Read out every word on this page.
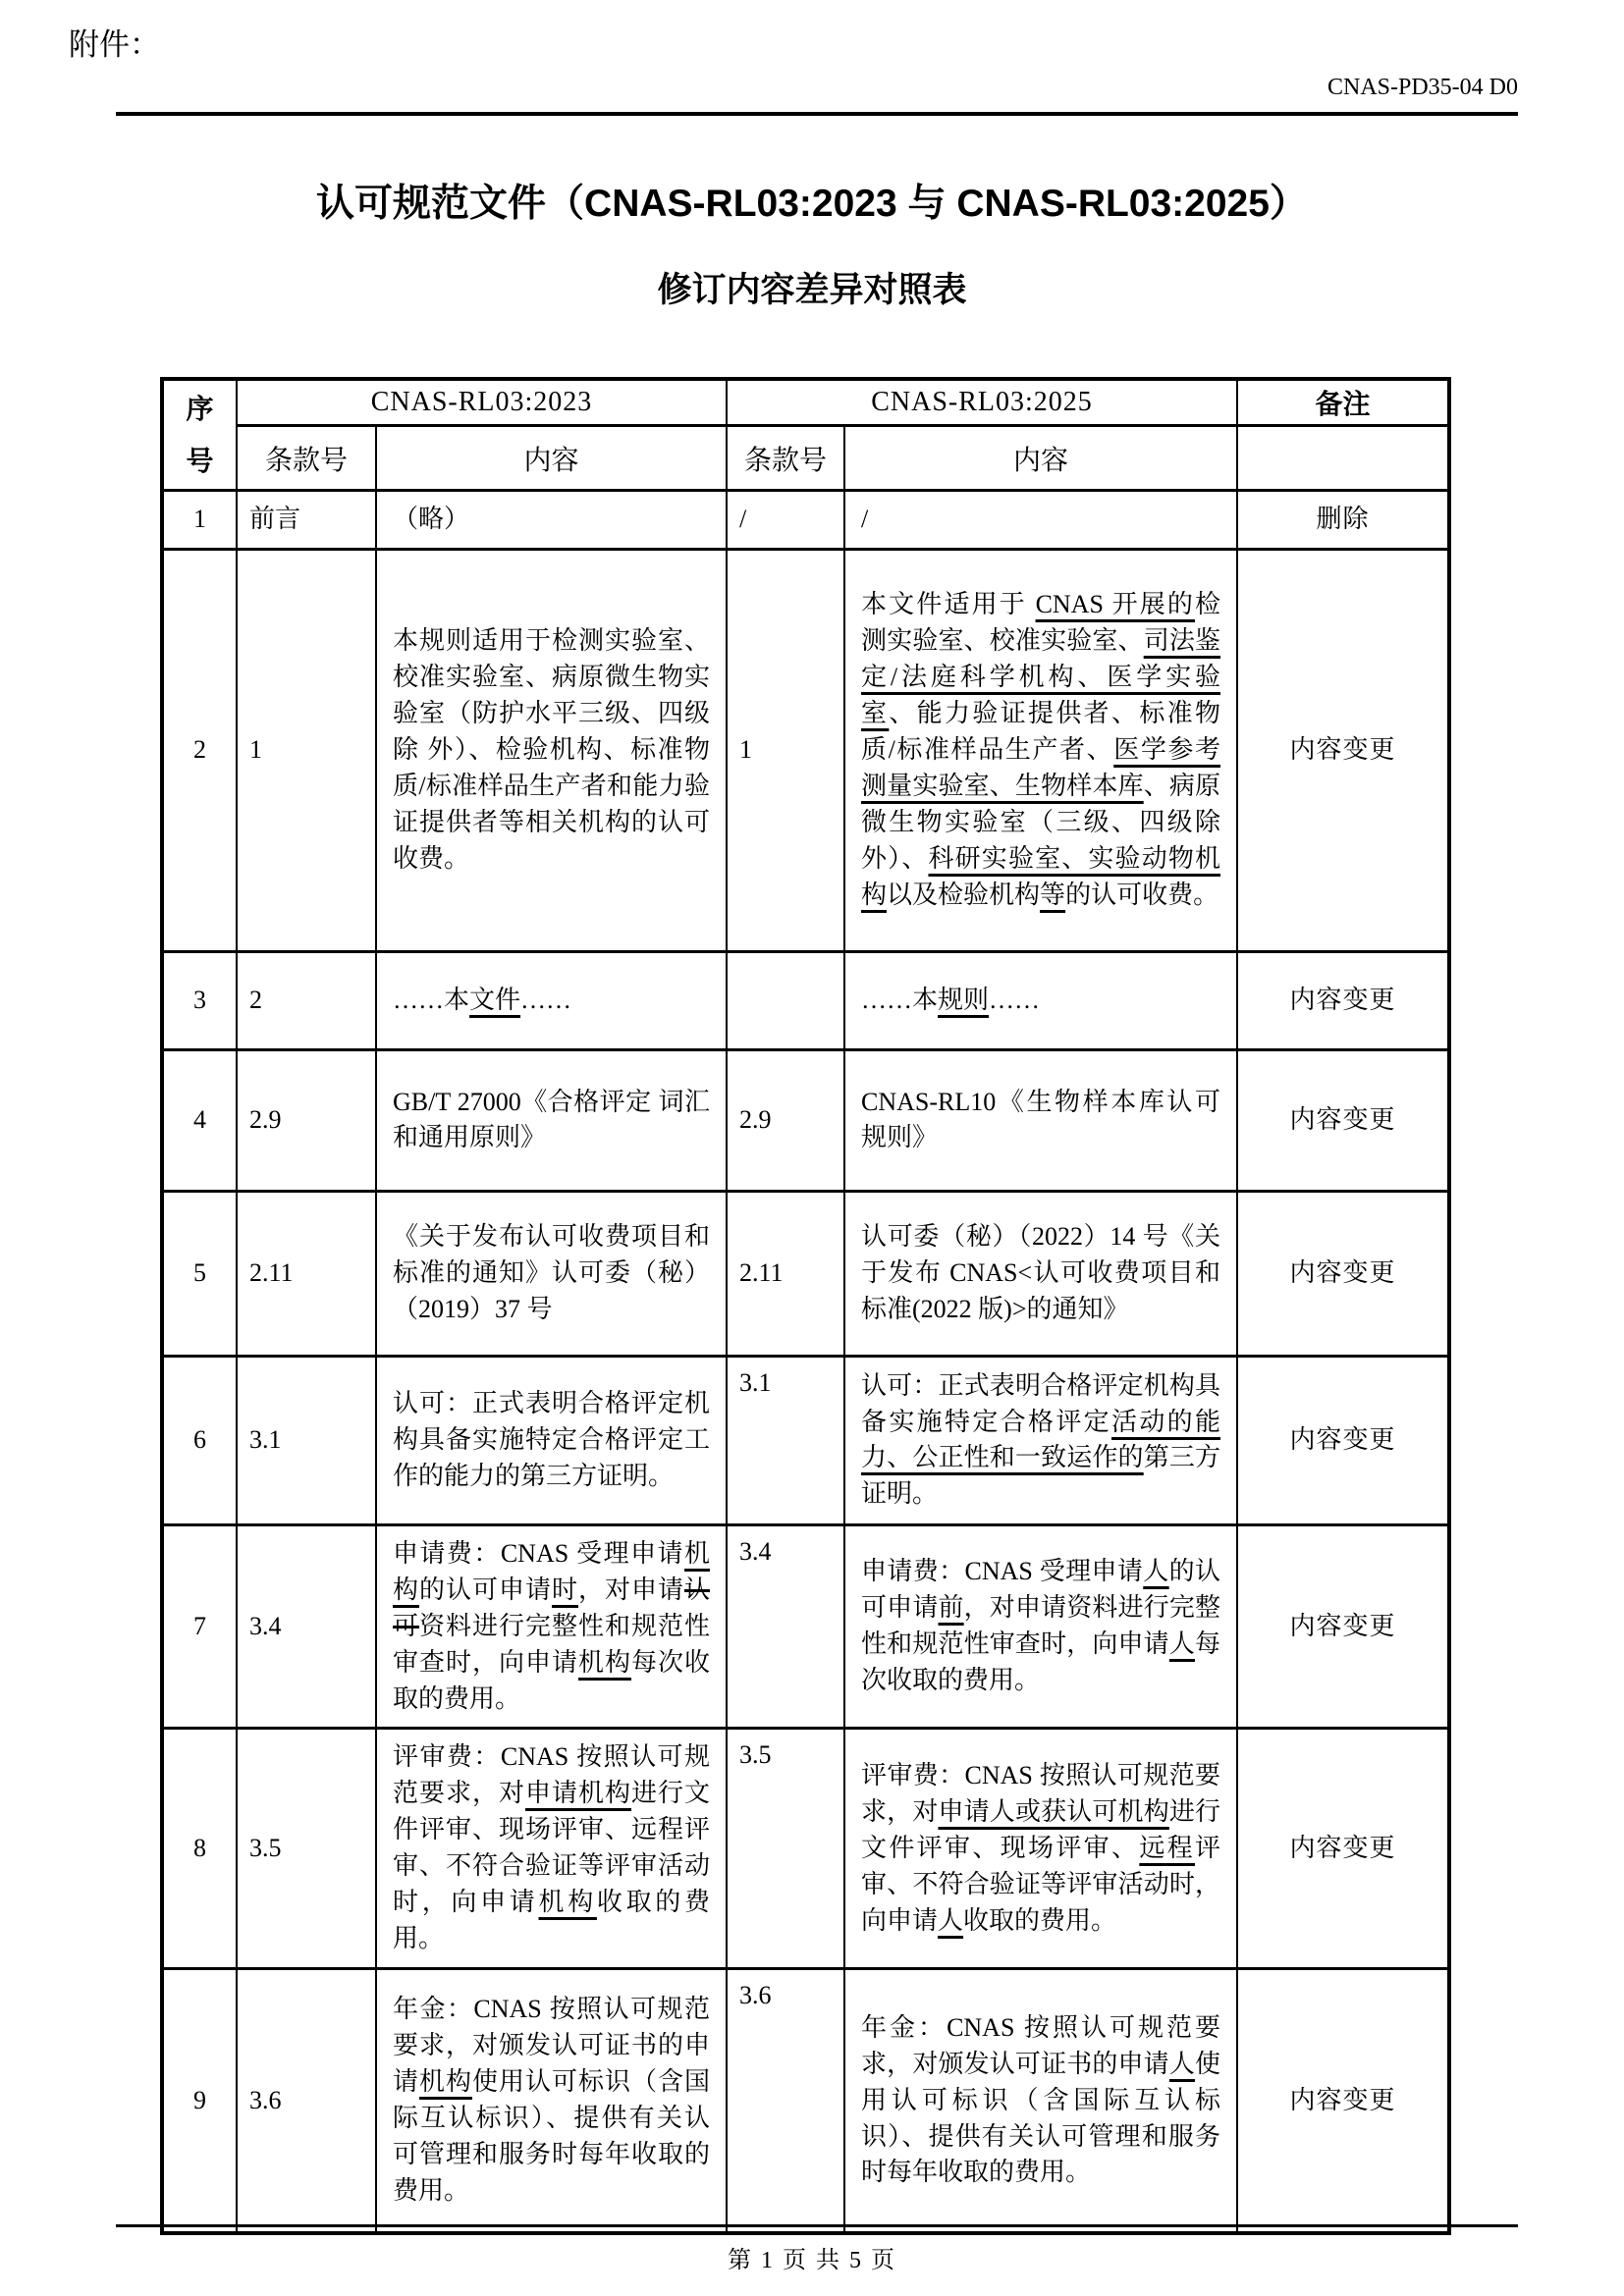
附件：
CNAS-PD35-04 D0
认可规范文件（CNAS-RL03:2023 与 CNAS-RL03:2025）
修订内容差异对照表
序号	CNAS-RL03:2023		CNAS-RL03:2025		备注
	条款号	内容	条款号	内容	
1	前言	（略）	/	/	删除
2	1	本规则适用于检测实验室、校准实验室、病原微生物实验室（防护水平三级、四级除 外）、检验机构、标准物质/标准样品生产者和能力验证提供者等相关机构的认可收费。	1	本文件适用于 CNAS 开展的检测实验室、校准实验室、司法鉴定/法庭科学机构、医学实验室、能力验证提供者、标准物质/标准样品生产者、医学参考测量实验室、生物样本库、病原微生物实验室（三级、四级除外）、科研实验室、实验动物机构以及检验机构等的认可收费。	内容变更
3	2	……本文件……		……本规则……	内容变更
4	2.9	GB/T 27000《合格评定 词汇和通用原则》	2.9	CNAS-RL10《生物样本库认可规则》	内容变更
5	2.11	《关于发布认可收费项目和标准的通知》认可委（秘）（2019）37 号	2.11	认可委（秘）（2022）14 号《关于发布 CNAS<认可收费项目和标准(2022 版)>的通知》	内容变更
6	3.1	认可：正式表明合格评定机构具备实施特定合格评定工作的能力的第三方证明。	3.1	认可：正式表明合格评定机构具备实施特定合格评定活动的能力、公正性和一致运作的第三方证明。	内容变更
7	3.4	申请费：CNAS 受理申请机构的认可申请时，对申请认可资料进行完整性和规范性审查时，向申请机构每次收取的费用。	3.4	申请费：CNAS 受理申请人的认可申请前，对申请资料进行完整性和规范性审查时，向申请人每次收取的费用。	内容变更
8	3.5	评审费：CNAS 按照认可规范要求，对申请机构进行文件评审、现场评审、远程评审、不符合验证等评审活动时，向申请机构收取的费用。	3.5	评审费：CNAS 按照认可规范要求，对申请人或获认可机构进行文件评审、现场评审、远程评审、不符合验证等评审活动时，向申请人收取的费用。	内容变更
9	3.6	年金：CNAS 按照认可规范要求，对颁发认可证书的申请机构使用认可标识（含国际互认标识）、提供有关认可管理和服务时每年收取的费用。	3.6	年金：CNAS 按照认可规范要求，对颁发认可证书的申请人使用认可标识（含国际互认标识）、提供有关认可管理和服务时每年收取的费用。	内容变更
第 1 页 共 5 页
